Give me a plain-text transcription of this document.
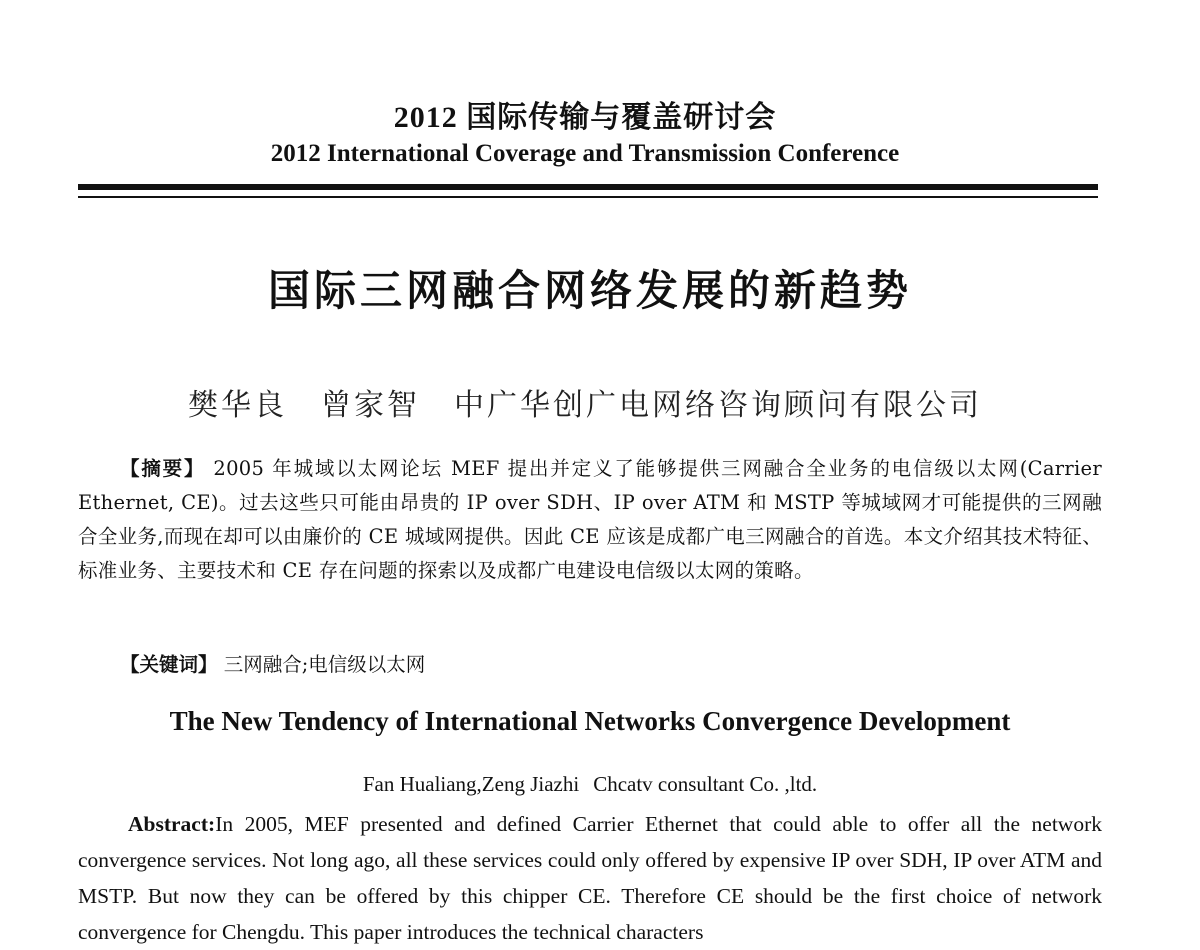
2012 国际传输与覆盖研讨会
2012 International Coverage and Transmission Conference
国际三网融合网络发展的新趋势
樊华良 曾家智 中广华创广电网络咨询顾问有限公司

【摘要】 2005 年城域以太网论坛 MEF 提出并定义了能够提供三网融合全业务的电信级以太网(Carrier Ethernet, CE)。过去这些只可能由昂贵的 IP over SDH、IP over ATM 和 MSTP 等城域网才可能提供的三网融合全业务,而现在却可以由廉价的 CE 城域网提供。因此 CE 应该是成都广电三网融合的首选。本文介绍其技术特征、标准业务、主要技术和 CE 存在问题的探索以及成都广电建设电信级以太网的策略。

【关键词】 三网融合;电信级以太网

The New Tendency of International Networks Convergence Development
Fan Hualiang,Zeng Jiazhi Chcatv consultant Co. ,ltd.

Abstract:In 2005, MEF presented and defined Carrier Ethernet that could able to offer all the network convergence services. Not long ago, all these services could only offered by expensive IP over SDH, IP over ATM and MSTP. But now they can be offered by this chipper CE. Therefore CE should be the first choice of network convergence for Chengdu. This paper introduces the technical characters
